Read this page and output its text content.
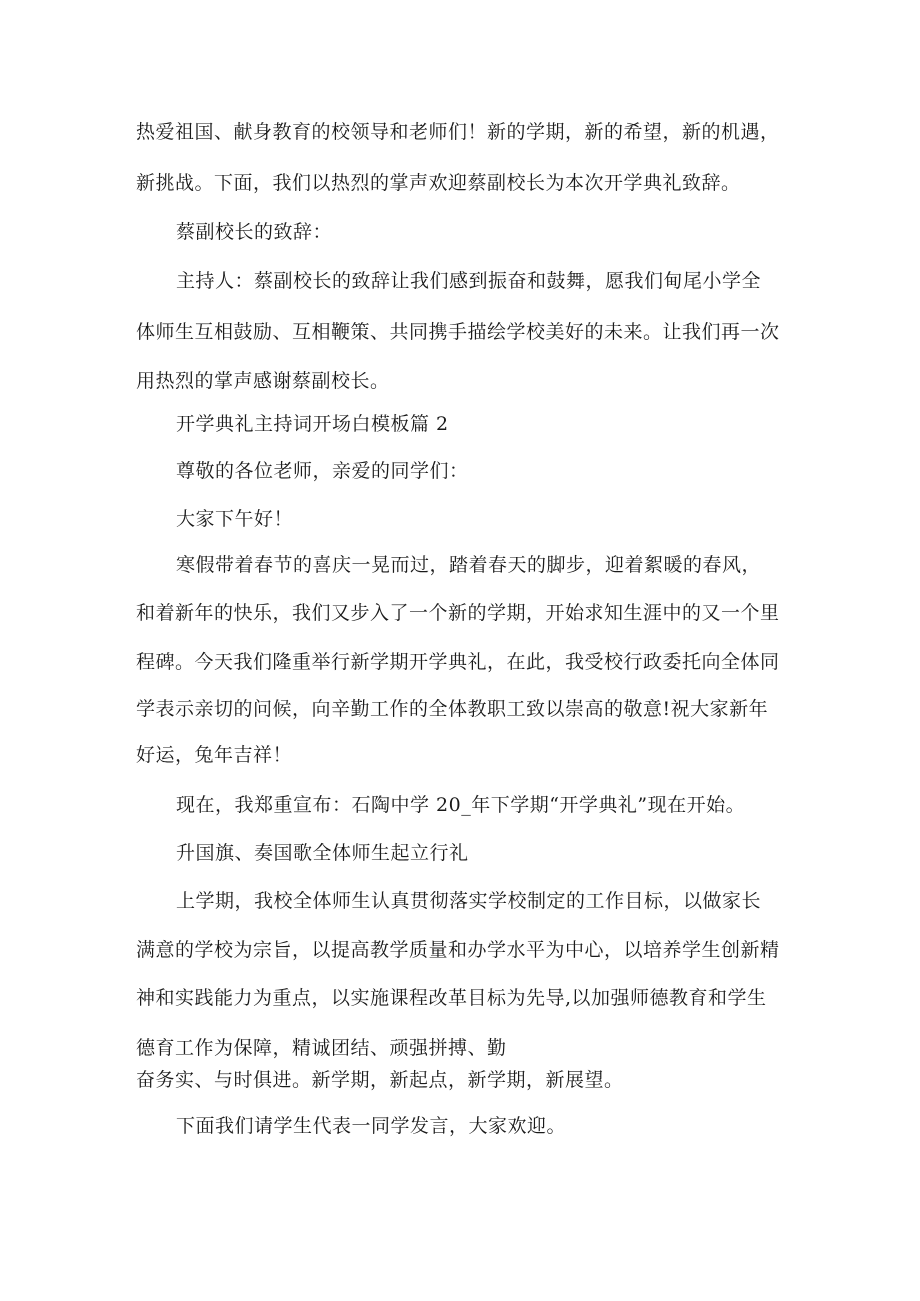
热爱祖国、献身教育的校领导和老师们！新的学期，新的希望，新的机遇，
新挑战。下面，我们以热烈的掌声欢迎蔡副校长为本次开学典礼致辞。
蔡副校长的致辞：
主持人：蔡副校长的致辞让我们感到振奋和鼓舞，愿我们甸尾小学全
体师生互相鼓励、互相鞭策、共同携手描绘学校美好的未来。让我们再一次
用热烈的掌声感谢蔡副校长。
开学典礼主持词开场白模板篇 2
尊敬的各位老师，亲爱的同学们：
大家下午好！
寒假带着春节的喜庆一晃而过，踏着春天的脚步，迎着絮暖的春风，
和着新年的快乐，我们又步入了一个新的学期，开始求知生涯中的又一个里
程碑。今天我们隆重举行新学期开学典礼，在此，我受校行政委托向全体同
学表示亲切的问候，向辛勤工作的全体教职工致以崇高的敬意!祝大家新年
好运，兔年吉祥！
现在，我郑重宣布：石陶中学 20_年下学期“开学典礼”现在开始。
升国旗、奏国歌全体师生起立行礼
上学期，我校全体师生认真贯彻落实学校制定的工作目标，以做家长
满意的学校为宗旨，以提高教学质量和办学水平为中心，以培养学生创新精
神和实践能力为重点，以实施课程改革目标为先导,以加强师德教育和学生
德育工作为保障，精诚团结、顽强拼搏、勤
奋务实、与时俱进。新学期，新起点，新学期，新展望。
下面我们请学生代表一同学发言，大家欢迎。
